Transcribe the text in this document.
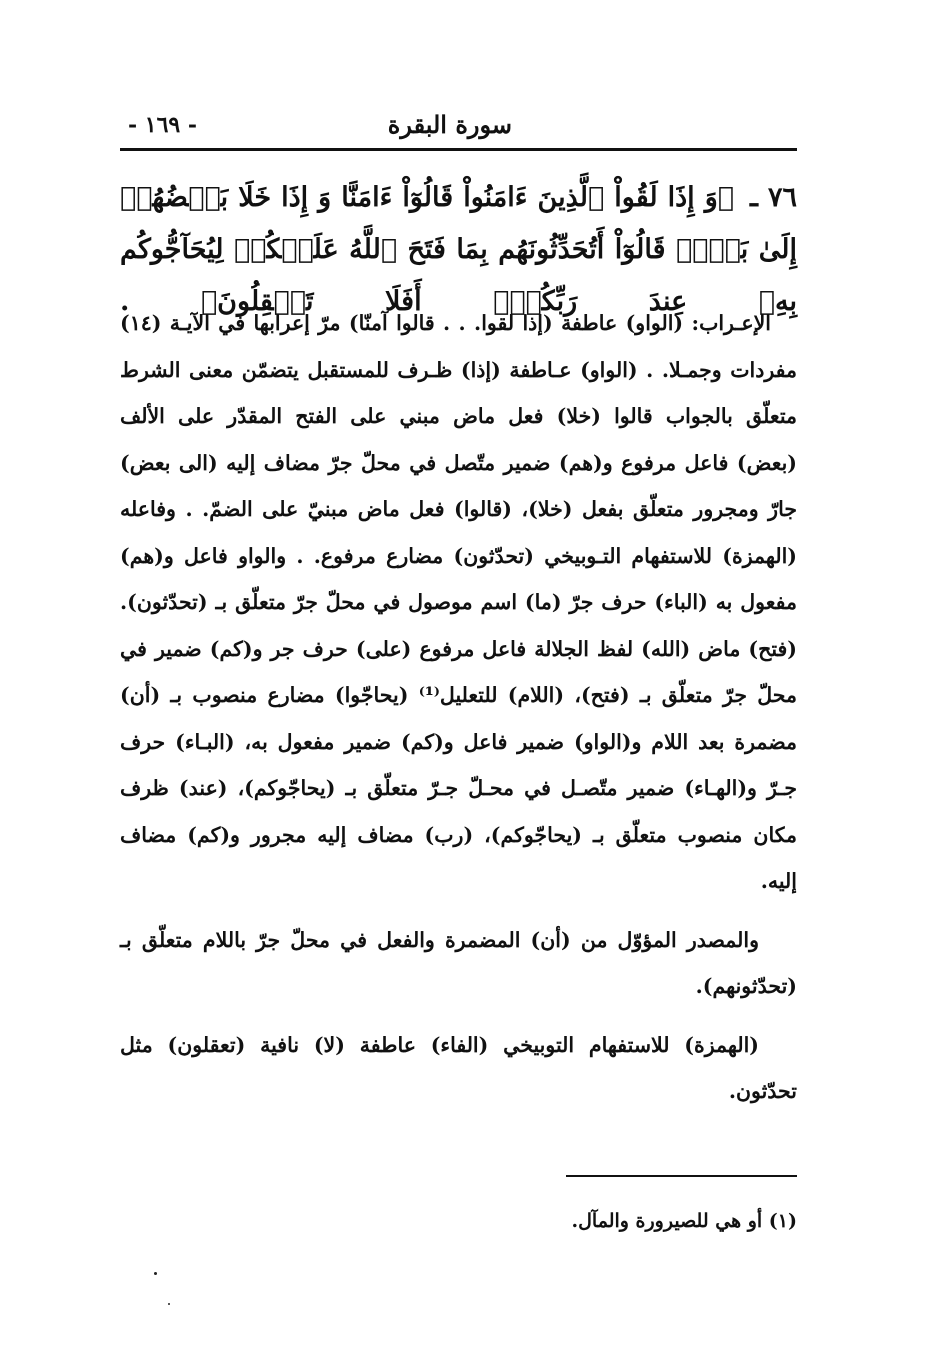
سورة البقرة
- ١٦٩ -
٧٦ ـ ﴿وَ إِذَا لَقُواْ ٱلَّذِينَ ءَامَنُواْ قَالُوٓاْ ءَامَنَّا وَ إِذَا خَلَا بَعۡضُهُمۡ إِلَىٰ بَعۡضٖ قَالُوٓاْ أَتُحَدِّثُونَهُم بِمَا فَتَحَ ٱللَّهُ عَلَيۡكُمۡ لِيُحَآجُّوكُم بِهِۦ عِندَ رَبِّكُمۡۚ أَفَلَا تَعۡقِلُونَ﴾ .

الإعـراب: (الواو) عاطفة (إذا لقوا. . . قالوا آمنّا) مرّ إعرابها في الآيـة (١٤) مفردات وجمـلا. . (الواو) عـاطفة (إذا) ظـرف للمستقبل يتضمّن معنى الشرط متعلّق بالجواب قالوا (خلا) فعل ماض مبني على الفتح المقدّر على الألف (بعض) فاعل مرفوع و(هم) ضمير متّصل في محلّ جرّ مضاف إليه (الى بعض) جارّ ومجرور متعلّق بفعل (خلا)، (قالوا) فعل ماض مبنيّ على الضمّ. . وفاعله (الهمزة) للاستفهام التـوبيخي (تحدّثون) مضارع مرفوع. . والواو فاعل و(هم) مفعول به (الباء) حرف جرّ (ما) اسم موصول في محلّ جرّ متعلّق بـ (تحدّثون). (فتح) ماض (الله) لفظ الجلالة فاعل مرفوع (على) حرف جر و(كم) ضمير في محلّ جرّ متعلّق بـ (فتح)، (اللام) للتعليل⁽¹⁾ (يحاجّوا) مضارع منصوب بـ (أن) مضمرة بعد اللام و(الواو) ضمير فاعل و(كم) ضمير مفعول به، (البـاء) حرف جـرّ و(الهـاء) ضمير متّصـل في محـلّ جـرّ متعلّق بـ (يحاجّوكم)، (عند) ظرف مكان منصوب متعلّق بـ (يحاجّوكم)، (رب) مضاف إليه مجرور و(كم) مضاف إليه.

والمصدر المؤوّل من (أن) المضمرة والفعل في محلّ جرّ باللام متعلّق بـ (تحدّثونهم).

(الهمزة) للاستفهام التوبيخي (الفاء) عاطفة (لا) نافية (تعقلون) مثل تحدّثون.

(١) أو هي للصيرورة والمآل.
